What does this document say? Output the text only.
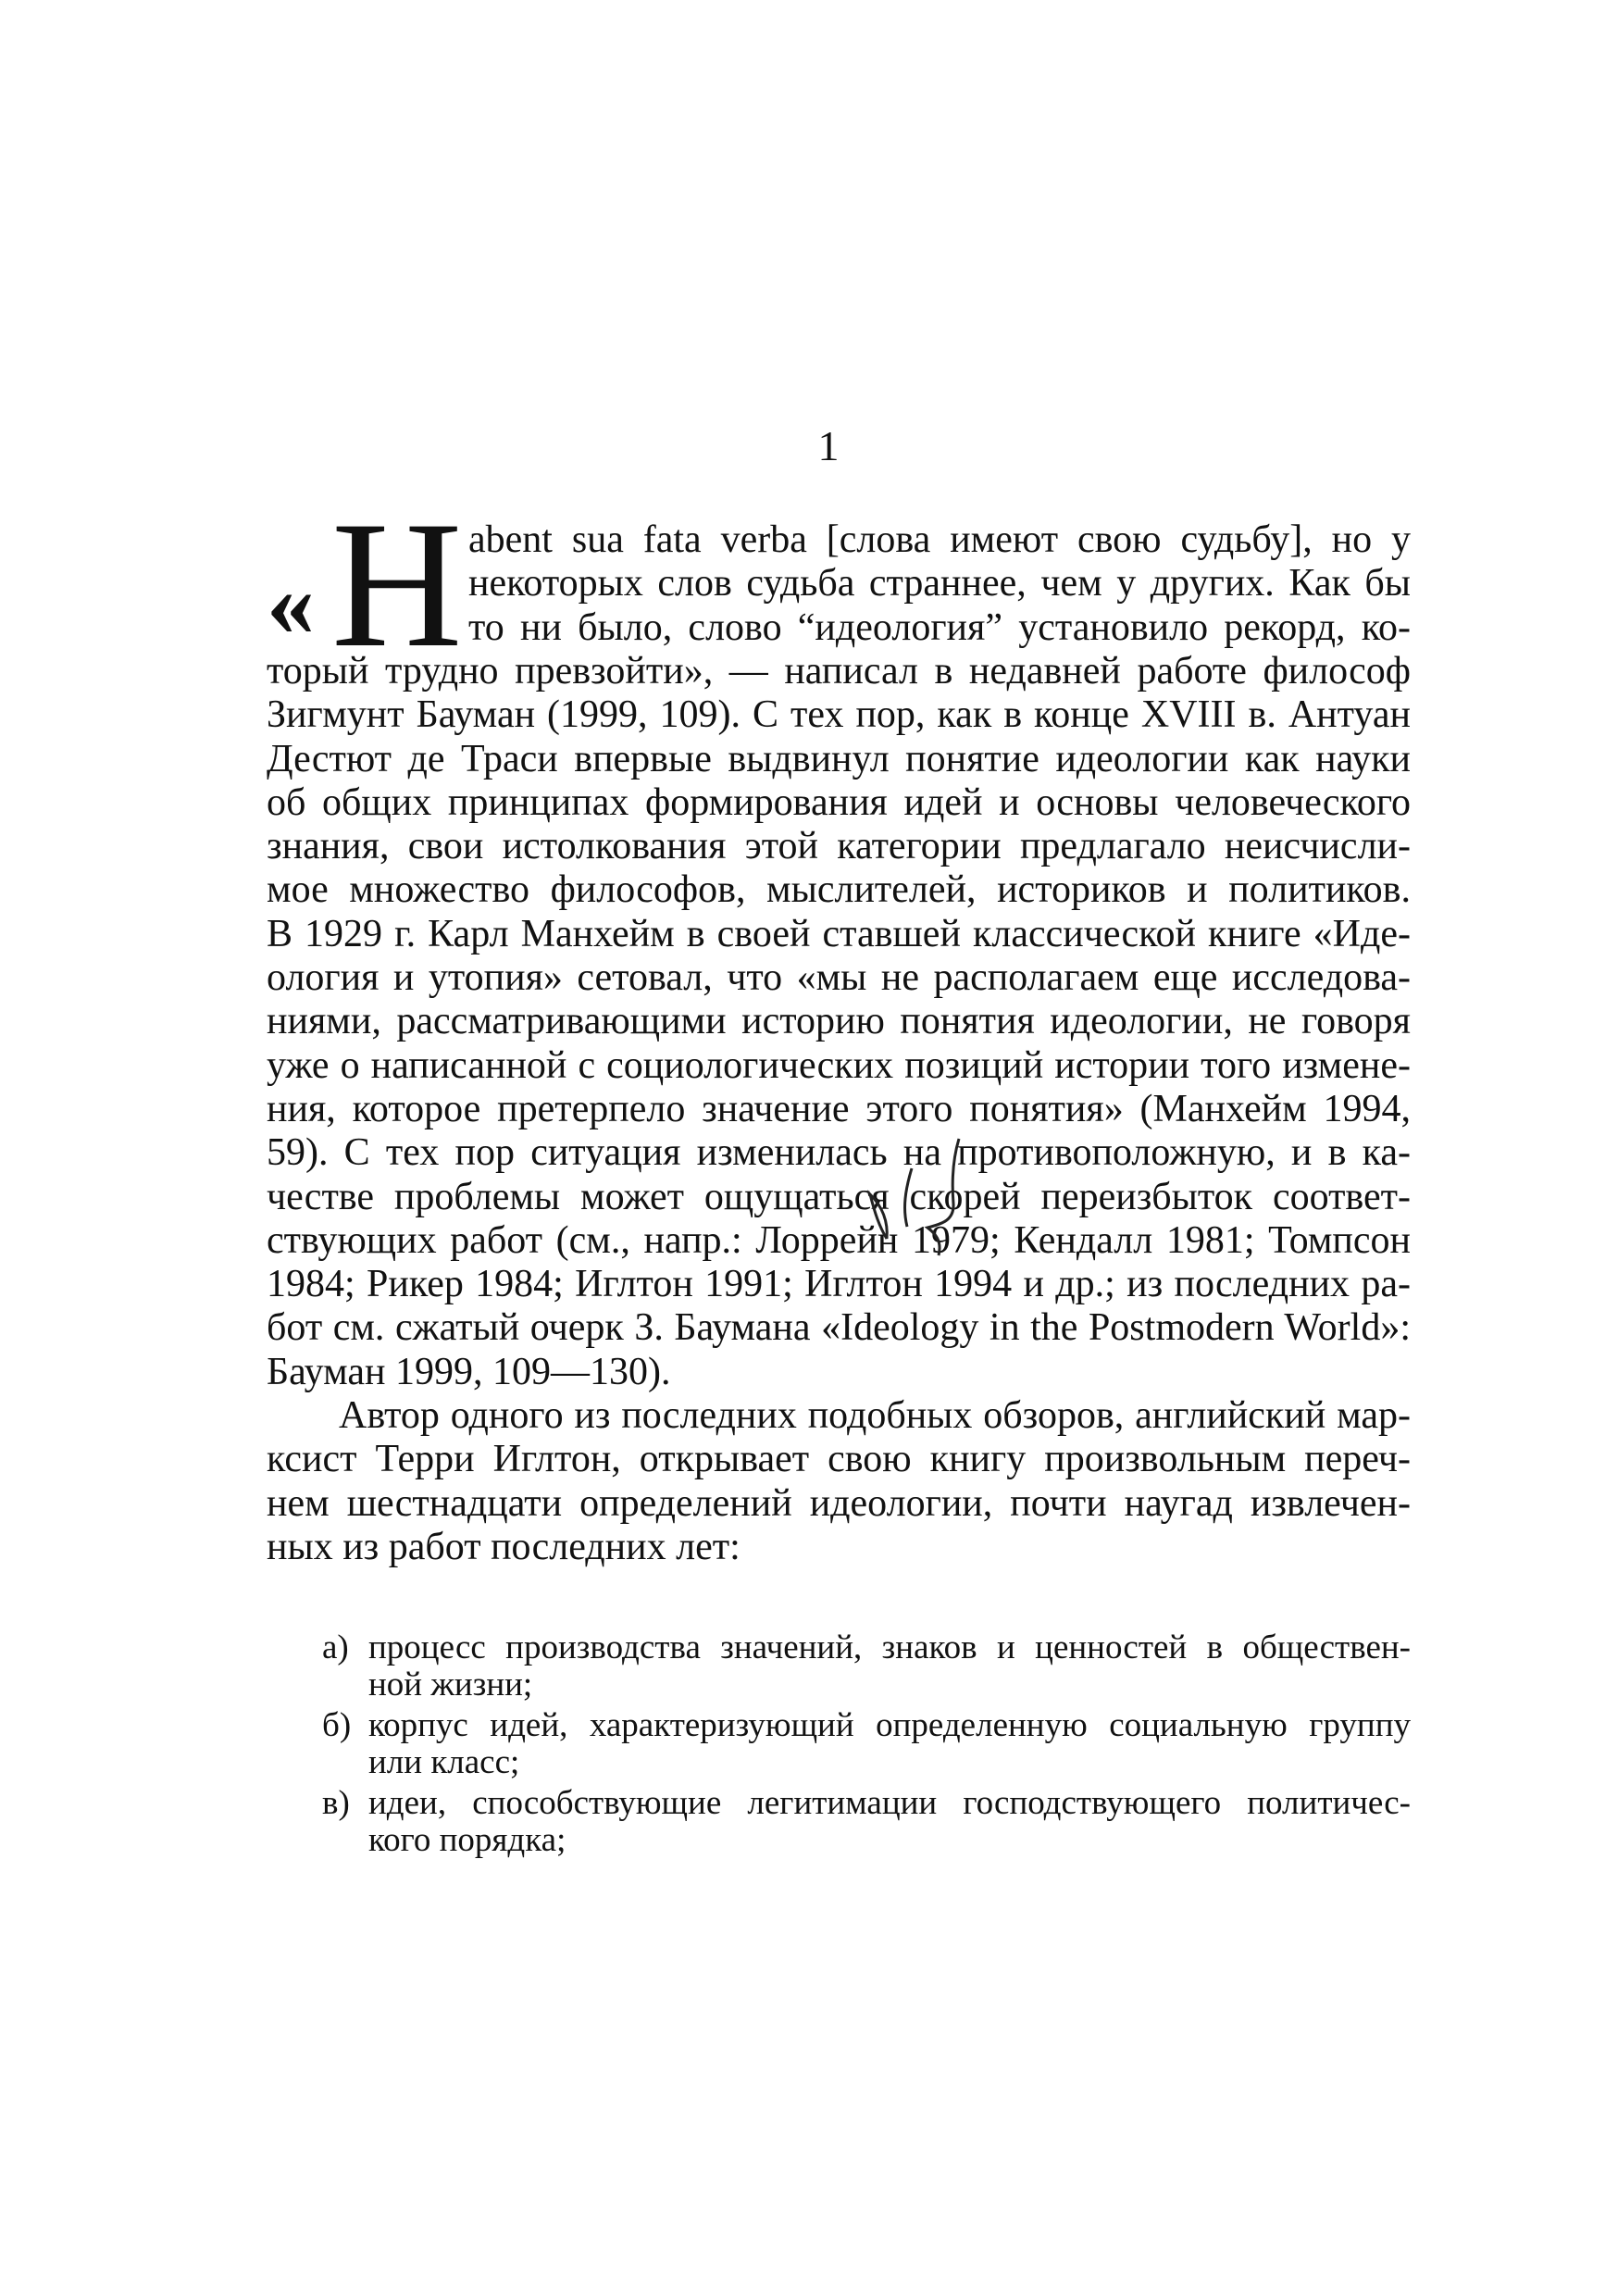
1
« Н abent sua fata verba [слова имеют свою судьбу], но у
некоторых слов судьба страннее, чем у других. Как бы
то ни было, слово “идеология” установило рекорд, ко-
торый трудно превзойти», — написал в недавней работе философ
Зигмунт Бауман (1999, 109). С тех пор, как в конце XVIII в. Антуан
Дестют де Траси впервые выдвинул понятие идеологии как науки
об общих принципах формирования идей и основы человеческого
знания, свои истолкования этой категории предлагало неисчисли-
мое множество философов, мыслителей, историков и политиков.
В 1929 г. Карл Манхейм в своей ставшей классической книге «Иде-
ология и утопия» сетовал, что «мы не располагаем еще исследова-
ниями, рассматривающими историю понятия идеологии, не говоря
уже о написанной с социологических позиций истории того измене-
ния, которое претерпело значение этого понятия» (Манхейм 1994,
59). С тех пор ситуация изменилась на противоположную, и в ка-
честве проблемы может ощущаться скорей переизбыток соответ-
ствующих работ (см., напр.: Лоррейн 1979; Кендалл 1981; Томпсон
1984; Рикер 1984; Иглтон 1991; Иглтон 1994 и др.; из последних ра-
бот см. сжатый очерк З. Баумана «Ideology in the Postmodern World»:
Бауман 1999, 109—130).
Автор одного из последних подобных обзоров, английский мар-
ксист Терри Иглтон, открывает свою книгу произвольным переч-
нем шестнадцати определений идеологии, почти наугад извлечен-
ных из работ последних лет:
а) процесс производства значений, знаков и ценностей в обществен-
ной жизни;
б) корпус идей, характеризующий определенную социальную группу
или класс;
в) идеи, способствующие легитимации господствующего политичес-
кого порядка;
